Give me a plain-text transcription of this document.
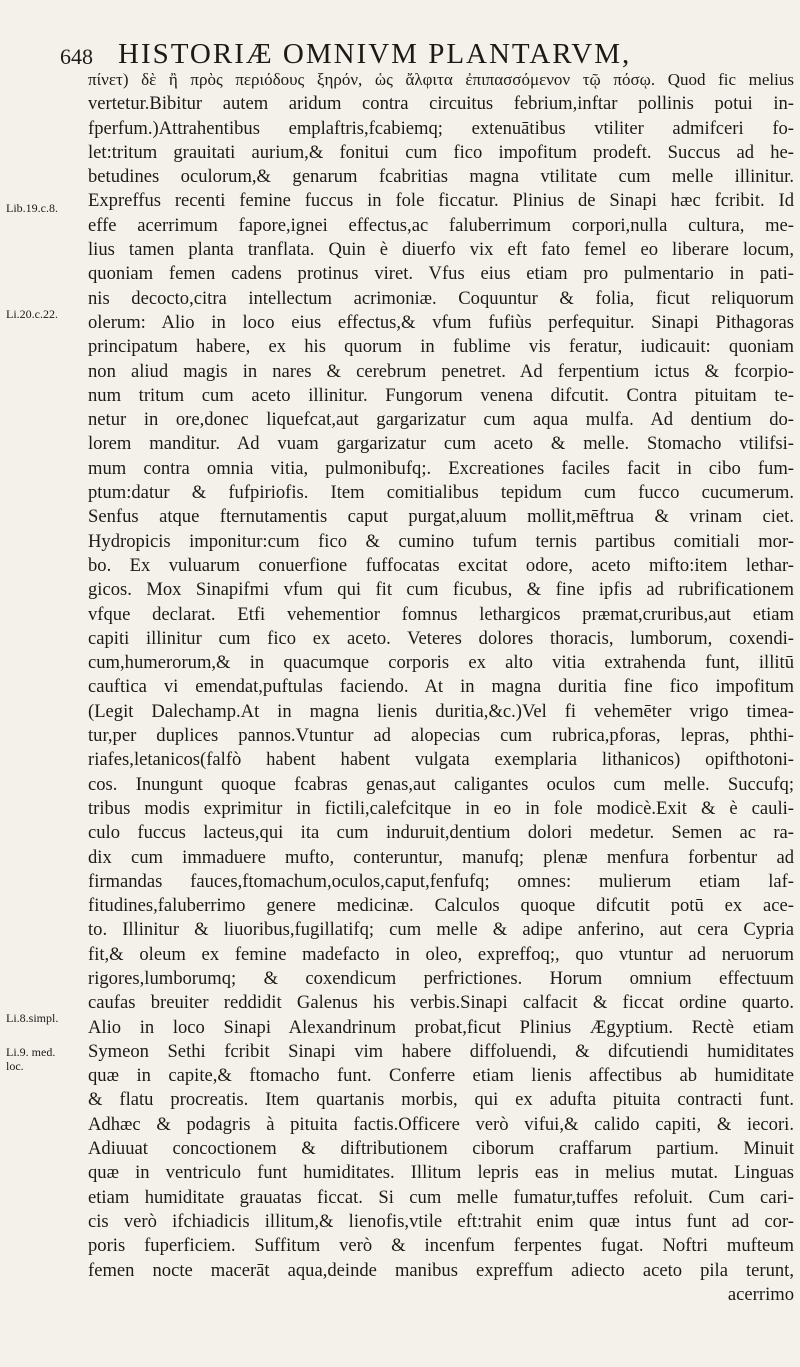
648 HISTORIÆ OMNIVM PLANTARVM,
Lib.19.c.8.
Li.20.c.22.
Li.8.simpl.
Li.9. med. loc.
πίνετ) δὲ ἢ πρὸς περιόδους ξηρόν, ὡς ἄλφιτα ἐπιπασσόμενον τῷ πόσῳ. Quod fic melius
vertetur.Bibitur autem aridum contra circuitus febrium,inftar pollinis potui in-
fperfum.)Attrahentibus emplaftris,fcabiemq; extenuātibus vtiliter admifceri fo-
let:tritum grauitati aurium,& fonitui cum fico impofitum prodeft. Succus ad he-
betudines oculorum,& genarum fcabritias magna vtilitate cum melle illinitur.
Expreffus recenti femine fuccus in fole ficcatur. Plinius de Sinapi hæc fcribit. Id
effe acerrimum fapore,ignei effectus,ac faluberrimum corpori,nulla cultura, me-
lius tamen planta tranflata. Quin è diuerfo vix eft fato femel eo liberare locum,
quoniam femen cadens protinus viret. Vfus eius etiam pro pulmentario in pati-
nis decocto,citra intellectum acrimoniæ. Coquuntur & folia, ficut reliquorum
olerum: Alio in loco eius effectus,& vfum fufiùs perfequitur. Sinapi Pithagoras
principatum habere, ex his quorum in fublime vis feratur, iudicauit: quoniam
non aliud magis in nares & cerebrum penetret. Ad ferpentium ictus & fcorpio-
num tritum cum aceto illinitur. Fungorum venena difcutit. Contra pituitam te-
netur in ore,donec liquefcat,aut gargarizatur cum aqua mulfa. Ad dentium do-
lorem manditur. Ad vuam gargarizatur cum aceto & melle. Stomacho vtilifsi-
mum contra omnia vitia, pulmonibufq;. Excreationes faciles facit in cibo fum-
ptum:datur & fufpiriofis. Item comitialibus tepidum cum fucco cucumerum.
Senfus atque fternutamentis caput purgat,aluum mollit,mēftrua & vrinam ciet.
Hydropicis imponitur:cum fico & cumino tufum ternis partibus comitiali mor-
bo. Ex vuluarum conuerfione fuffocatas excitat odore, aceto mifto:item lethar-
gicos. Mox Sinapifmi vfum qui fit cum ficubus, & fine ipfis ad rubrificationem
vfque declarat. Etfi vehementior fomnus lethargicos præmat,cruribus,aut etiam
capiti illinitur cum fico ex aceto. Veteres dolores thoracis, lumborum, coxendi-
cum,humerorum,& in quacumque corporis ex alto vitia extrahenda funt, illitū
cauftica vi emendat,puftulas faciendo. At in magna duritia fine fico impofitum
(Legit Dalechamp.At in magna lienis duritia,&c.)Vel fi vehemēter vrigo timea-
tur,per duplices pannos.Vtuntur ad alopecias cum rubrica,pforas, lepras, phthi-
riafes,letanicos(falfò habent habent vulgata exemplaria lithanicos) opifthotoni-
cos. Inungunt quoque fcabras genas,aut caligantes oculos cum melle. Succufq;
tribus modis exprimitur in fictili,calefcitque in eo in fole modicè.Exit & è cauli-
culo fuccus lacteus,qui ita cum induruit,dentium dolori medetur. Semen ac ra-
dix cum immaduere mufto, conteruntur, manufq; plenæ menfura forbentur ad
firmandas fauces,ftomachum,oculos,caput,fenfufq; omnes: mulierum etiam laf-
fitudines,faluberrimo genere medicinæ. Calculos quoque difcutit potū ex ace-
to. Illinitur & liuoribus,fugillatifq; cum melle & adipe anferino, aut cera Cypria
fit,& oleum ex femine madefacto in oleo, expreffoq;, quo vtuntur ad neruorum
rigores,lumborumq; & coxendicum perfrictiones. Horum omnium effectuum
caufas breuiter reddidit Galenus his verbis.Sinapi calfacit & ficcat ordine quarto.
Alio in loco Sinapi Alexandrinum probat,ficut Plinius Ægyptium. Rectè etiam
Symeon Sethi fcribit Sinapi vim habere diffoluendi, & difcutiendi humiditates
quæ in capite,& ftomacho funt. Conferre etiam lienis affectibus ab humiditate
& flatu procreatis. Item quartanis morbis, qui ex adufta pituita contracti funt.
Adhæc & podagris à pituita factis.Officere verò vifui,& calido capiti, & iecori.
Adiuuat concoctionem & diftributionem ciborum craffarum partium. Minuit
quæ in ventriculo funt humiditates. Illitum lepris eas in melius mutat. Linguas
etiam humiditate grauatas ficcat. Si cum melle fumatur,tuffes refoluit. Cum cari-
cis verò ifchiadicis illitum,& lienofis,vtile eft:trahit enim quæ intus funt ad cor-
poris fuperficiem. Suffitum verò & incenfum ferpentes fugat. Noftri mufteum
femen nocte macerāt aqua,deinde manibus expreffum adiecto aceto pila terunt,
acerrimo
